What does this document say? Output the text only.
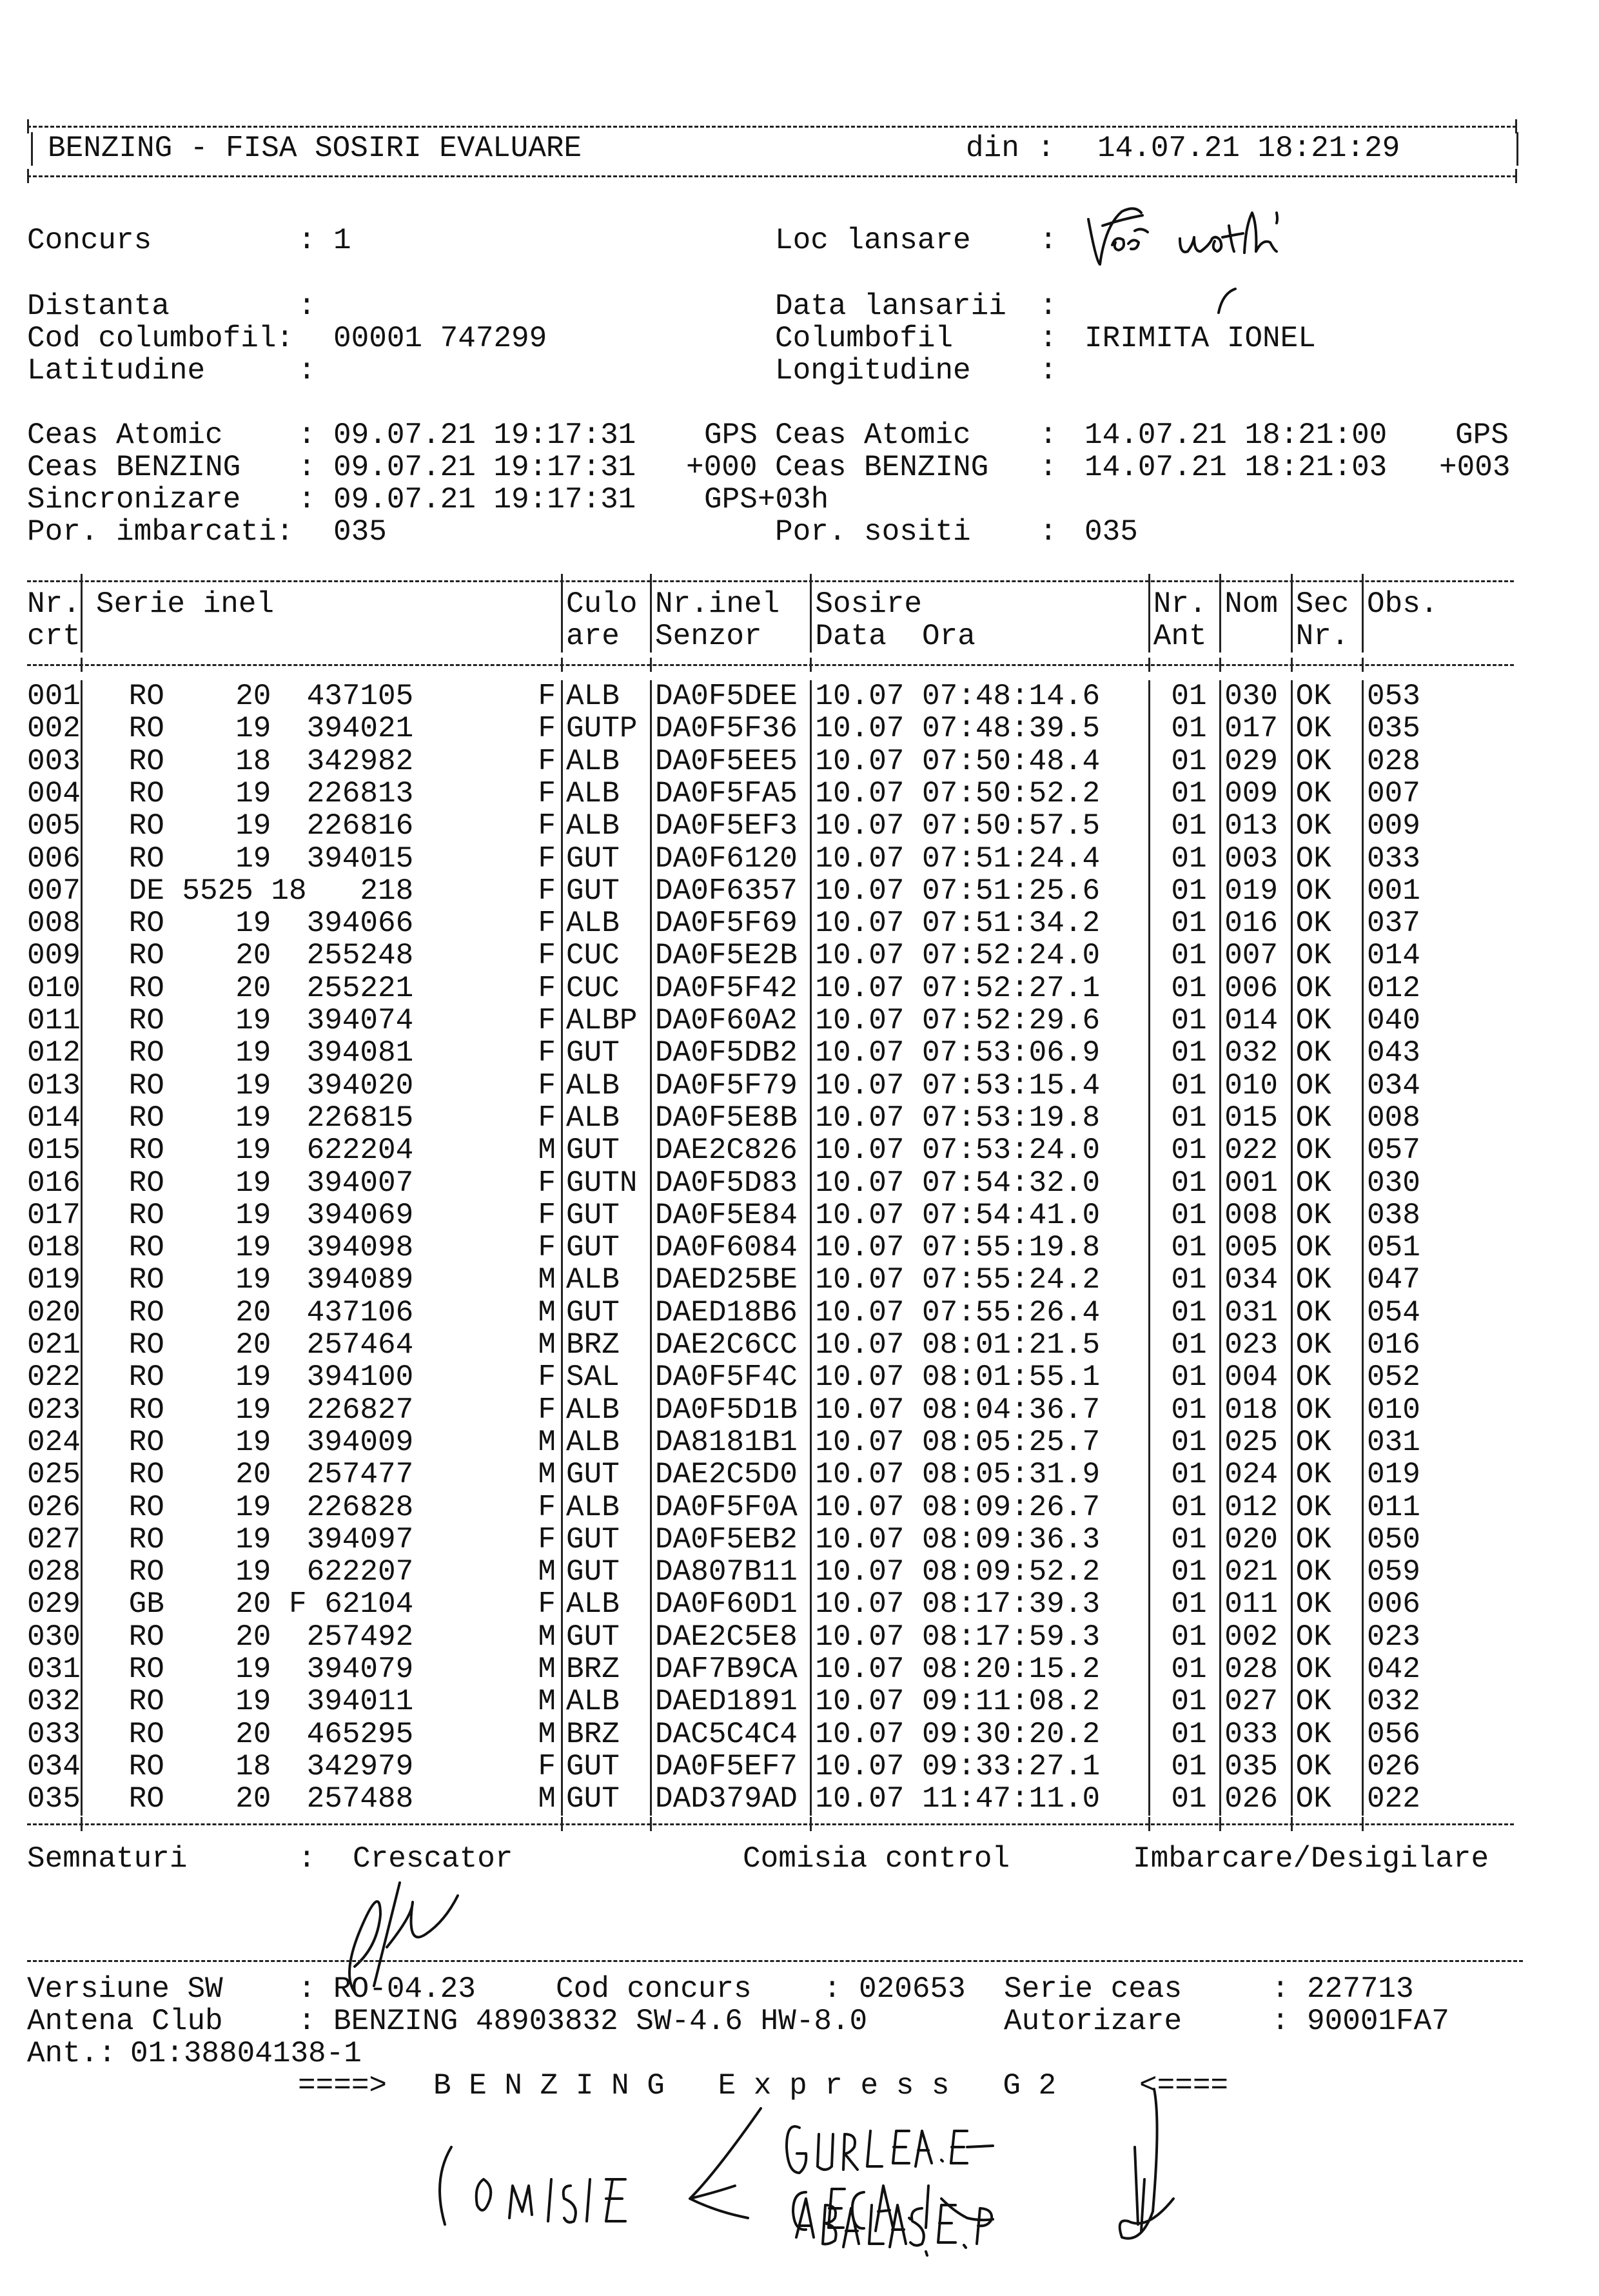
BENZING - FISA SOSIRI EVALUARE

	din :

14.07.21 18:21:29

Concurs

	:

1

	Loc lansare

:

Distanta

	:

	Data lansarii

:

Cod columbofil

:

00001 747299

	Columbofil

	:

IRIMITA IONEL

Latitudine

	:

	Longitudine

:

Ceas Atomic

	:

09.07.21 19:17:31

GPS

Ceas Atomic

:

14.07.21 18:21:00

GPS

Ceas BENZING

:

09.07.21 19:17:31

+000

Ceas BENZING

:

14.07.21 18:21:03

+003

Sincronizare

:

09.07.21 19:17:31

GPS+03h

Por. imbarcati

:

035

	Por. sositi

:

035

Nr. Serie inel	Culo Nr.inel Sosire	Nr. Nom Sec Obs.
crt	are Senzor Data  Ora	Ant	Nr.
001 RO 20 437105	F ALB DA0F5DEE 10.07 07:48:14.6 01 030 OK 053
002 RO 19 394021	F GUTP DA0F5F36 10.07 07:48:39.5 01 017 OK 035
003 RO 18 342982	F ALB DA0F5EE5 10.07 07:50:48.4 01 029 OK 028
004 RO 19 226813	F ALB DA0F5FA5 10.07 07:50:52.2 01 009 OK 007
005 RO 19 226816	F ALB DA0F5EF3 10.07 07:50:57.5 01 013 OK 009
006 RO 19 394015	F GUT DA0F6120 10.07 07:51:24.4 01 003 OK 033
007 DE 5525 18 218	F GUT DA0F6357 10.07 07:51:25.6 01 019 OK 001
008 RO 19 394066	F ALB DA0F5F69 10.07 07:51:34.2 01 016 OK 037
009 RO 20 255248	F CUC DA0F5E2B 10.07 07:52:24.0 01 007 OK 014
010 RO 20 255221	F CUC DA0F5F42 10.07 07:52:27.1 01 006 OK 012
011 RO 19 394074	F ALBP DA0F60A2 10.07 07:52:29.6 01 014 OK 040
012 RO 19 394081	F GUT DA0F5DB2 10.07 07:53:06.9 01 032 OK 043
013 RO 19 394020	F ALB DA0F5F79 10.07 07:53:15.4 01 010 OK 034
014 RO 19 226815	F ALB DA0F5E8B 10.07 07:53:19.8 01 015 OK 008
015 RO 19 622204	M GUT DAE2C826 10.07 07:53:24.0 01 022 OK 057
016 RO 19 394007	F GUTN DA0F5D83 10.07 07:54:32.0 01 001 OK 030
017 RO 19 394069	F GUT DA0F5E84 10.07 07:54:41.0 01 008 OK 038
018 RO 19 394098	F GUT DA0F6084 10.07 07:55:19.8 01 005 OK 051
019 RO 19 394089	M ALB DAED25BE 10.07 07:55:24.2 01 034 OK 047
020 RO 20 437106	M GUT DAED18B6 10.07 07:55:26.4 01 031 OK 054
021 RO 20 257464	M BRZ DAE2C6CC 10.07 08:01:21.5 01 023 OK 016
022 RO 19 394100	F SAL DA0F5F4C 10.07 08:01:55.1 01 004 OK 052
023 RO 19 226827	F ALB DA0F5D1B 10.07 08:04:36.7 01 018 OK 010
024 RO 19 394009	M ALB DA8181B1 10.07 08:05:25.7 01 025 OK 031
025 RO 20 257477	M GUT DAE2C5D0 10.07 08:05:31.9 01 024 OK 019
026 RO 19 226828	F ALB DA0F5F0A 10.07 08:09:26.7 01 012 OK 011
027 RO 19 394097	F GUT DA0F5EB2 10.07 08:09:36.3 01 020 OK 050
028 RO 19 622207	M GUT DA807B11 10.07 08:09:52.2 01 021 OK 059
029 GB 20 F 62104	F ALB DA0F60D1 10.07 08:17:39.3 01 011 OK 006
030 RO 20 257492	M GUT DAE2C5E8 10.07 08:17:59.3 01 002 OK 023
031 RO 19 394079	M BRZ DAF7B9CA 10.07 08:20:15.2 01 028 OK 042
032 RO 19 394011	M ALB DAED1891 10.07 09:11:08.2 01 027 OK 032
033 RO 20 465295	M BRZ DAC5C4C4 10.07 09:30:20.2 01 033 OK 056
034 RO 18 342979	F GUT DA0F5EF7 10.07 09:33:27.1 01 035 OK 026
035 RO 20 257488	M GUT DAD379AD 10.07 11:47:11.0 01 026 OK 022

Semnaturi

	:

Crescator

	Comisia control

	Imbarcare/Desigilare

Versiune SW

	:

RO-04.23

	Cod concurs

:

020653

Serie ceas

	:

227713

Antena Club

	:

BENZING 48903832 SW-4.6 HW-8.0

	Autorizare

	:

90001FA7

Ant.:

01:38804138-1

====>

B E N Z I N G   E x p r e s s   G 2

	<====
